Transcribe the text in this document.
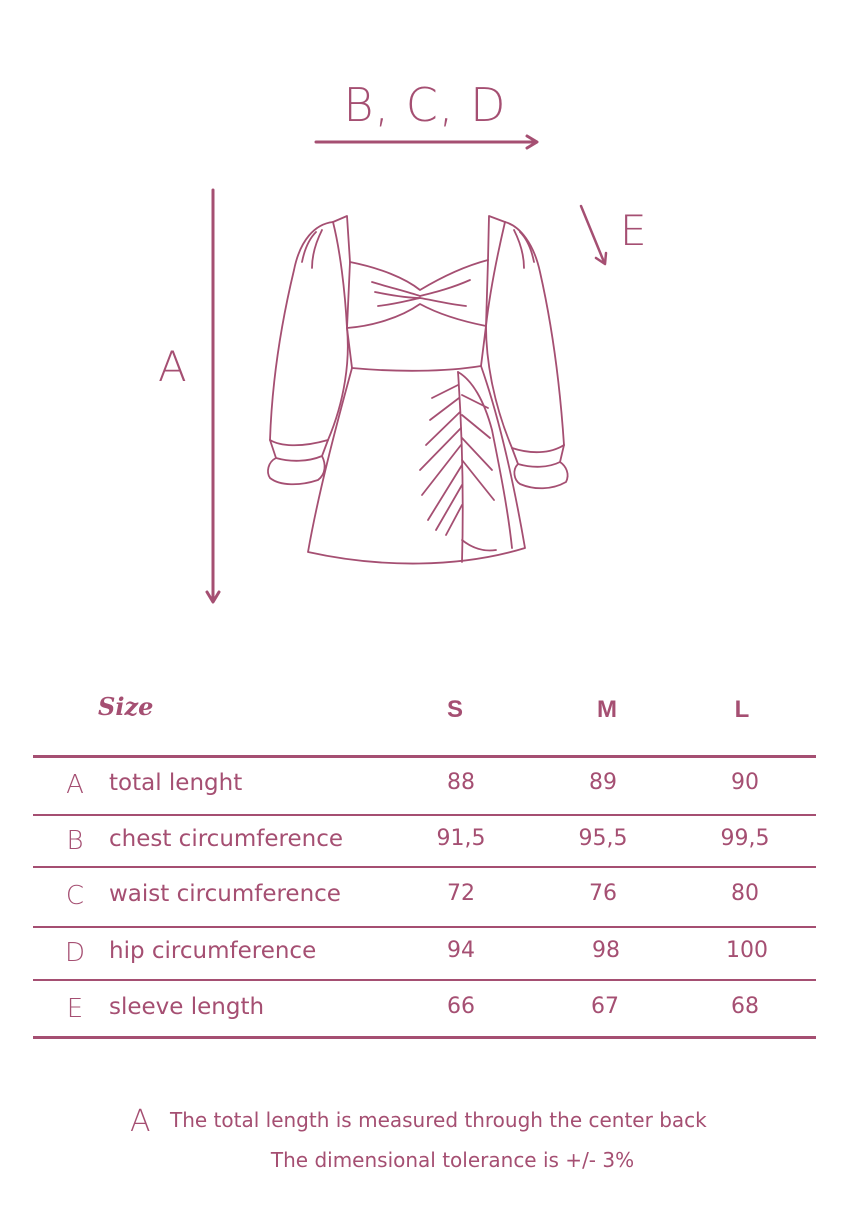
B, C, D
E
A
Size	S	M	L
A total lenght	88	89	90
B chest circumference	91,5	95,5	99,5
C waist circumference	72	76	80
D hip circumference	94	98	100
E sleeve length	66	67	68
A The total length is measured through the center back
The dimensional tolerance is +/- 3%
